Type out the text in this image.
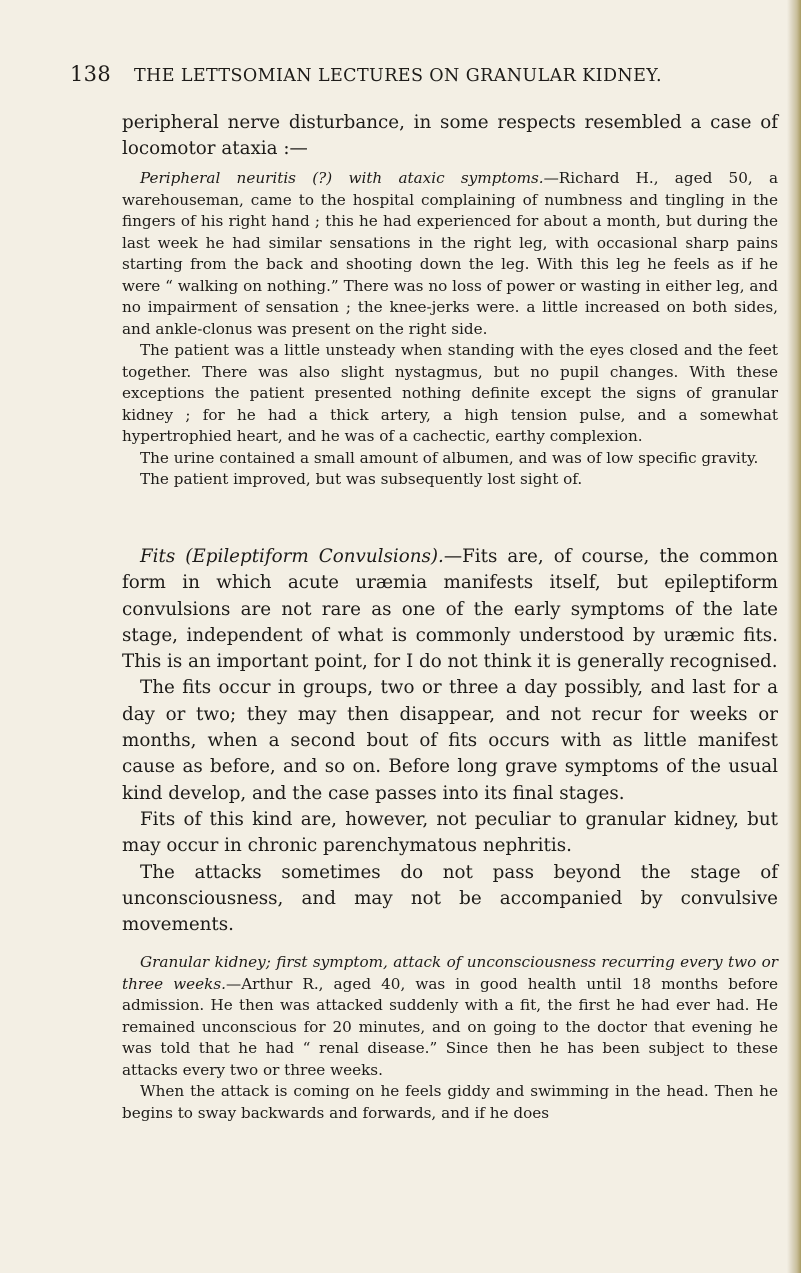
138 THE LETTSOMIAN LECTURES ON GRANULAR KIDNEY.

peripheral nerve disturbance, in some respects resembled a case of locomotor ataxia :—

Peripheral neuritis (?) with ataxic symptoms.—Richard H., aged 50, a warehouseman, came to the hospital complaining of numbness and tingling in the fingers of his right hand ; this he had experienced for about a month, but during the last week he had similar sensations in the right leg, with occasional sharp pains starting from the back and shooting down the leg. With this leg he feels as if he were “ walking on nothing.” There was no loss of power or wasting in either leg, and no impairment of sensation ; the knee-jerks were. a little increased on both sides, and ankle-clonus was present on the right side.

The patient was a little unsteady when standing with the eyes closed and the feet together. There was also slight nystagmus, but no pupil changes. With these exceptions the patient presented nothing definite except the signs of granular kidney ; for he had a thick artery, a high tension pulse, and a somewhat hypertrophied heart, and he was of a cachectic, earthy complexion.

The urine contained a small amount of albumen, and was of low specific gravity.

The patient improved, but was subsequently lost sight of.

Fits (Epileptiform Convulsions).—Fits are, of course, the common form in which acute uræmia manifests itself, but epileptiform convulsions are not rare as one of the early symptoms of the late stage, independent of what is commonly understood by uræmic fits. This is an important point, for I do not think it is generally recognised.

The fits occur in groups, two or three a day possibly, and last for a day or two; they may then disappear, and not recur for weeks or months, when a second bout of fits occurs with as little manifest cause as before, and so on. Before long grave symptoms of the usual kind develop, and the case passes into its final stages.

Fits of this kind are, however, not peculiar to granular kidney, but may occur in chronic parenchymatous nephritis.

The attacks sometimes do not pass beyond the stage of unconsciousness, and may not be accompanied by convulsive movements.

Granular kidney; first symptom, attack of unconsciousness recurring every two or three weeks.—Arthur R., aged 40, was in good health until 18 months before admission. He then was attacked suddenly with a fit, the first he had ever had. He remained unconscious for 20 minutes, and on going to the doctor that evening he was told that he had “ renal disease.” Since then he has been subject to these attacks every two or three weeks.

When the attack is coming on he feels giddy and swimming in the head. Then he begins to sway backwards and forwards, and if he does
